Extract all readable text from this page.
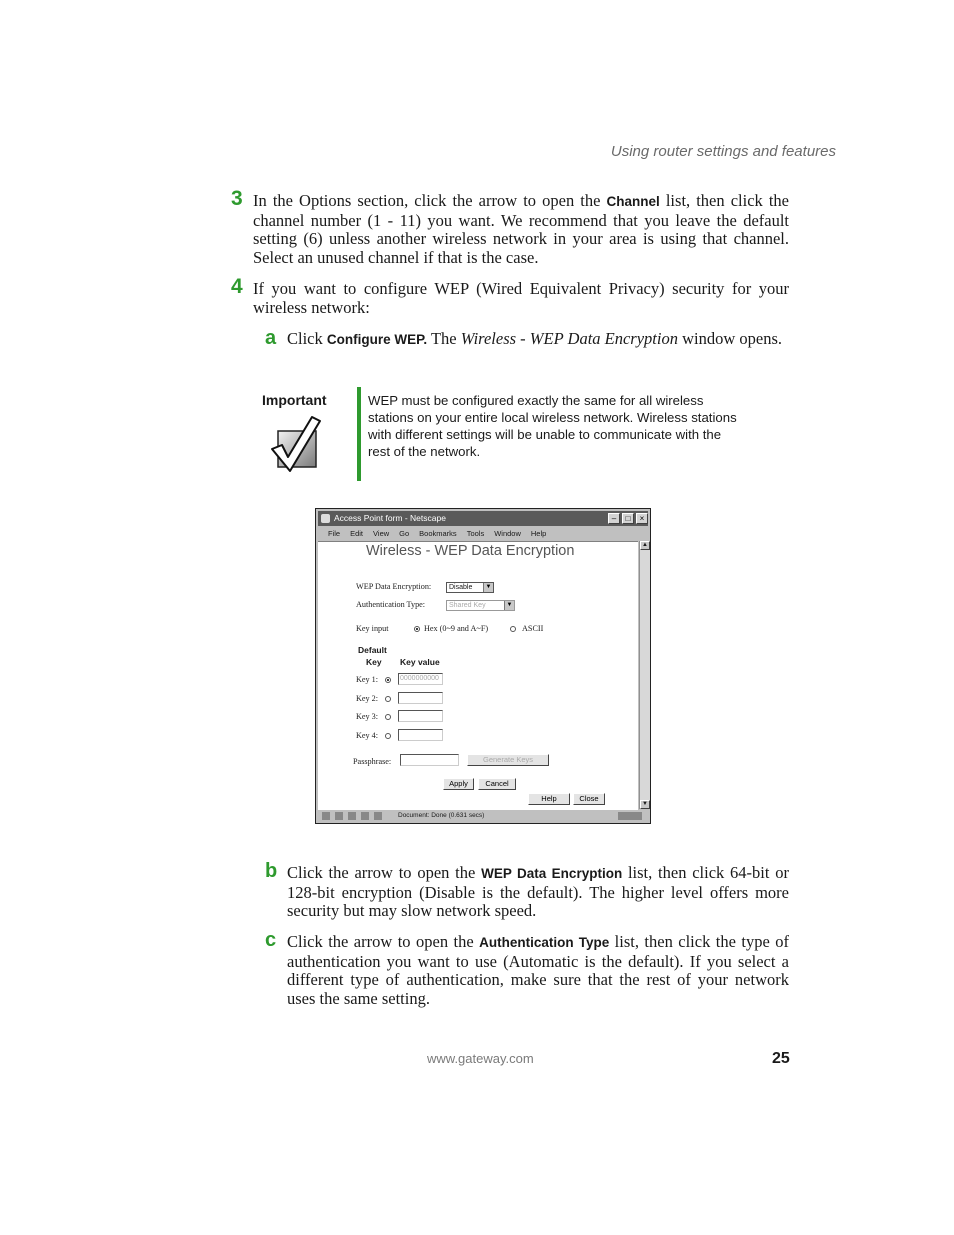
Using router settings and features
3 In the Options section, click the arrow to open the Channel list, then click the channel number (1 - 11) you want. We recommend that you leave the default setting (6) unless another wireless network in your area is using that channel. Select an unused channel if that is the case.
4 If you want to configure WEP (Wired Equivalent Privacy) security for your wireless network:
a Click Configure WEP. The Wireless - WEP Data Encryption window opens.
Important	WEP must be configured exactly the same for all wireless stations on your entire local wireless network. Wireless stations with different settings will be unable to communicate with the rest of the network.
Access Point form - Netscape	–	□	×
File Edit View Go Bookmarks Tools Window Help
Wireless - WEP Data Encryption
WEP Data Encryption:	Disable	▼
Authentication Type:	Shared Key	▼
Key input	Hex (0~9 and A~F)	ASCII
Default
Key Key value
Key 1:	0000000000
Key 2:
Key 3:
Key 4:
Passphrase:	Generate Keys
Apply	Cancel
Help	Close
▲
▼
Document: Done (0.631 secs)
b Click the arrow to open the WEP Data Encryption list, then click 64-bit or 128-bit encryption (Disable is the default). The higher level offers more security but may slow network speed.
c Click the arrow to open the Authentication Type list, then click the type of authentication you want to use (Automatic is the default). If you select a different type of authentication, make sure that the rest of your network uses the same setting.
www.gateway.com	25
